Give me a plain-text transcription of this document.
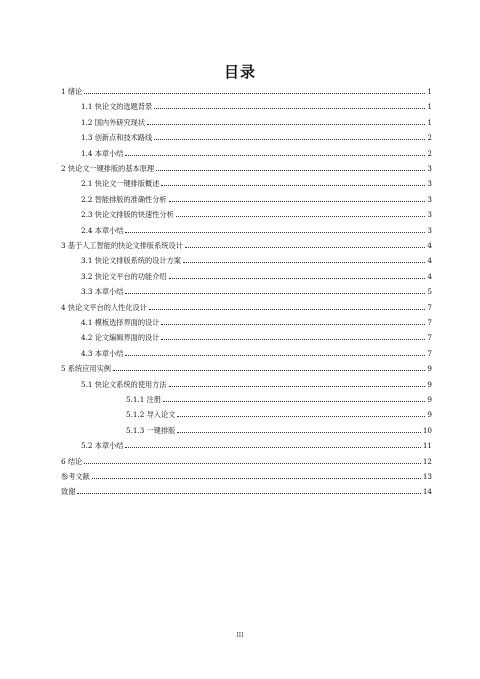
目录
1 绪论	1
1.1 快论文的选题背景	1
1.2 国内外研究现状	1
1.3 创新点和技术路线	2
1.4 本章小结	2
2 快论文一键排版的基本原理	3
2.1 快论文一键排版概述	3
2.2 智能排版的准确性分析	3
2.3 快论文排版的快速性分析	3
2.4 本章小结	3
3 基于人工智能的快论文排版系统设计	4
3.1 快论文排版系统的设计方案	4
3.2 快论文平台的功能介绍	4
3.3 本章小结	5
4 快论文平台的人性化设计	7
4.1 模板选择界面的设计	7
4.2 论文编辑界面的设计	7
4.3 本章小结	7
5 系统应用实例	9
5.1 快论文系统的使用方法	9
5.1.1 注册	9
5.1.2 导入论文	9
5.1.3 一键排版	10
5.2 本章小结	11
6 结论	12
参考文献	13
致谢	14
III
